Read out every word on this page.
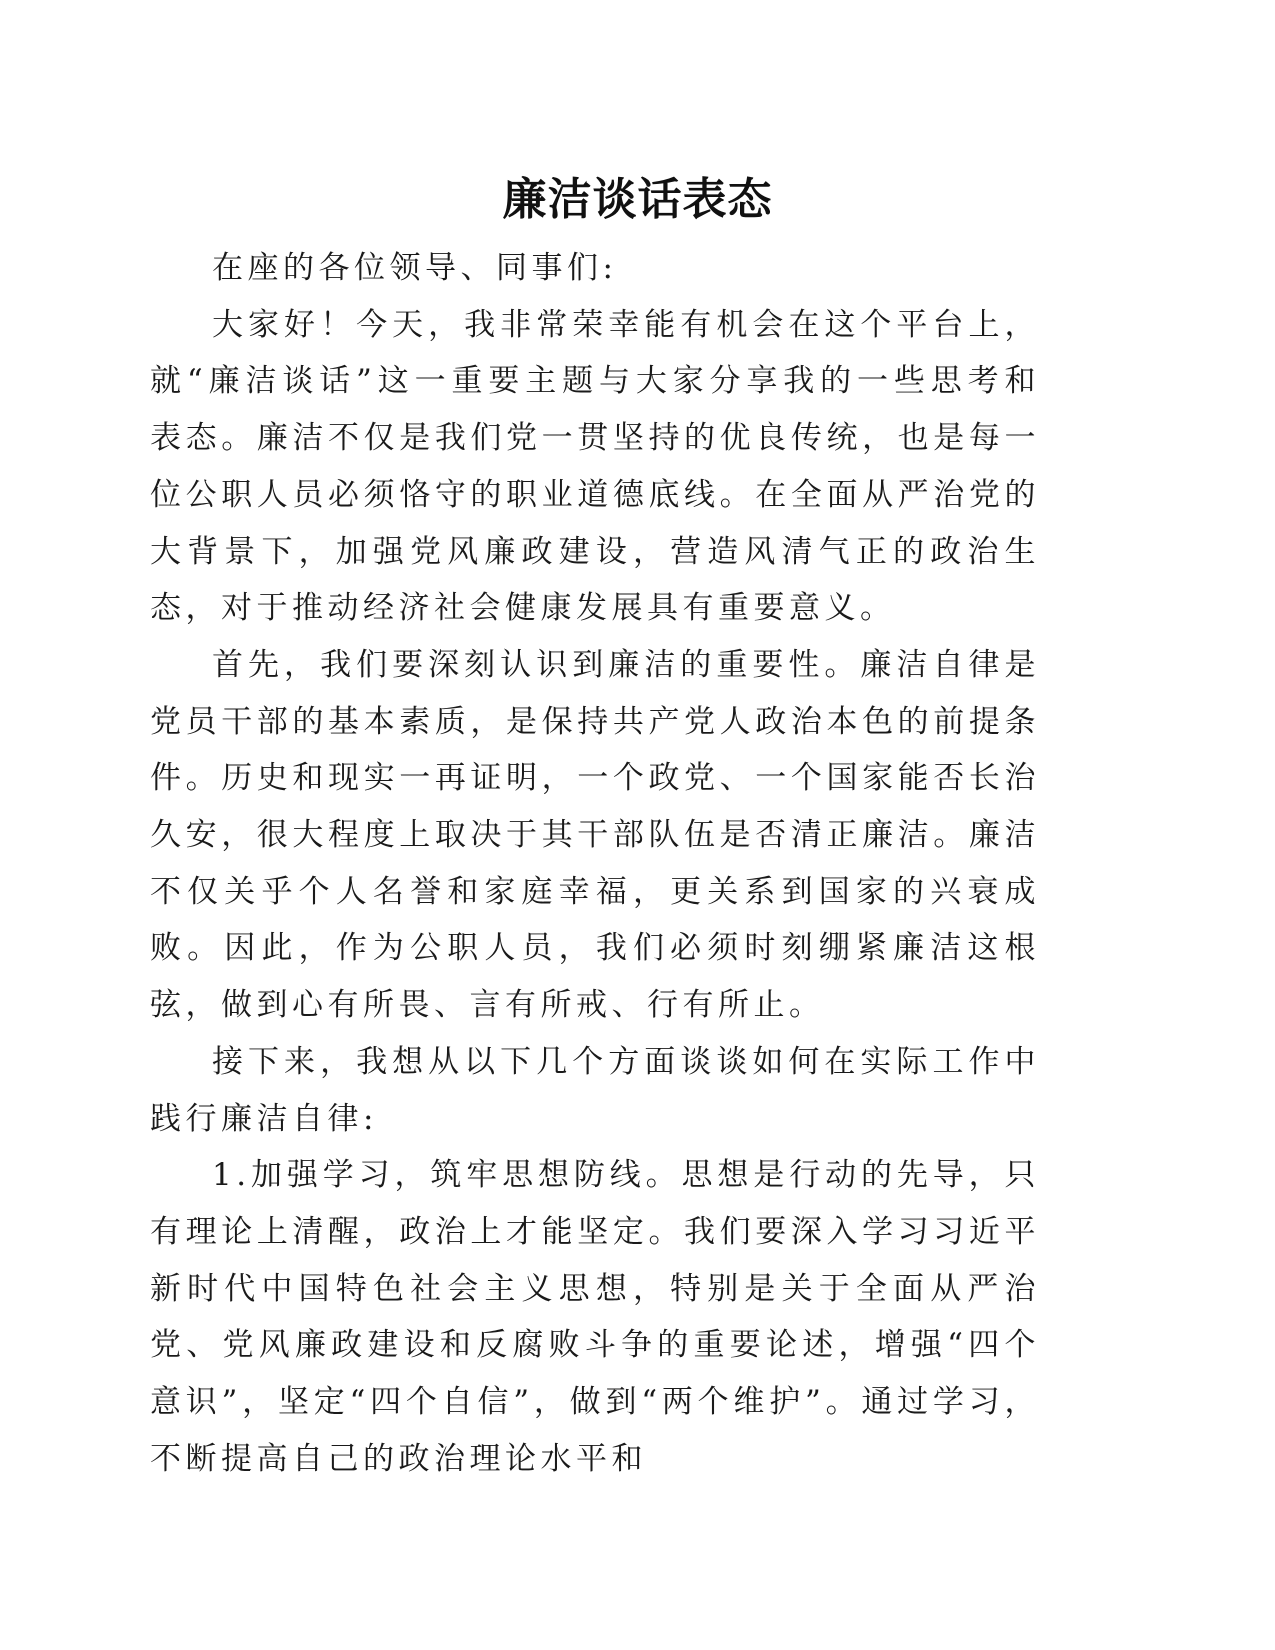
廉洁谈话表态

在座的各位领导、同事们:

大家好！今天，我非常荣幸能有机会在这个平台上，就“廉洁谈话”这一重要主题与大家分享我的一些思考和表态。廉洁不仅是我们党一贯坚持的优良传统，也是每一位公职人员必须恪守的职业道德底线。在全面从严治党的大背景下，加强党风廉政建设，营造风清气正的政治生态，对于推动经济社会健康发展具有重要意义。

首先，我们要深刻认识到廉洁的重要性。廉洁自律是党员干部的基本素质，是保持共产党人政治本色的前提条件。历史和现实一再证明，一个政党、一个国家能否长治久安，很大程度上取决于其干部队伍是否清正廉洁。廉洁不仅关乎个人名誉和家庭幸福，更关系到国家的兴衰成败。因此，作为公职人员，我们必须时刻绷紧廉洁这根弦，做到心有所畏、言有所戒、行有所止。

接下来，我想从以下几个方面谈谈如何在实际工作中践行廉洁自律:

1.加强学习，筑牢思想防线。思想是行动的先导，只有理论上清醒，政治上才能坚定。我们要深入学习习近平新时代中国特色社会主义思想，特别是关于全面从严治党、党风廉政建设和反腐败斗争的重要论述，增强“四个意识”，坚定“四个自信”，做到“两个维护”。通过学习，不断提高自己的政治理论水平和
